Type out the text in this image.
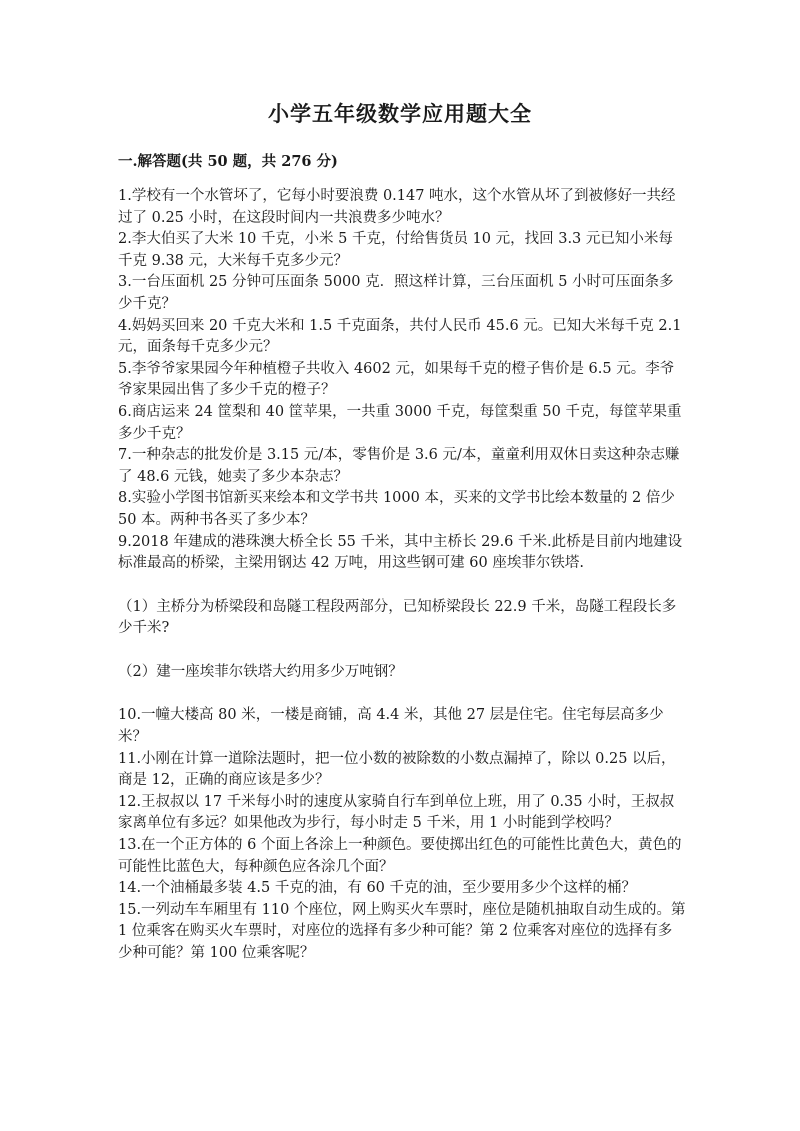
小学五年级数学应用题大全
一.解答题(共 50 题，共 276 分)

1.学校有一个水管坏了，它每小时要浪费 0.147 吨水，这个水管从坏了到被修好一共经过了 0.25 小时，在这段时间内一共浪费多少吨水？

2.李大伯买了大米 10 千克，小米 5 千克，付给售货员 10 元，找回 3.3 元已知小米每千克 9.38 元，大米每千克多少元？

3.一台压面机 25 分钟可压面条 5000 克．照这样计算，三台压面机 5 小时可压面条多少千克？

4.妈妈买回来 20 千克大米和 1.5 千克面条，共付人民币 45.6 元。已知大米每千克 2.1 元，面条每千克多少元？

5.李爷爷家果园今年种植橙子共收入 4602 元，如果每千克的橙子售价是 6.5 元。李爷爷家果园出售了多少千克的橙子？

6.商店运来 24 筐梨和 40 筐苹果，一共重 3000 千克，每筐梨重 50 千克，每筐苹果重多少千克？

7.一种杂志的批发价是 3.15 元/本，零售价是 3.6 元/本，童童利用双休日卖这种杂志赚了 48.6 元钱，她卖了多少本杂志？

8.实验小学图书馆新买来绘本和文学书共 1000 本，买来的文学书比绘本数量的 2 倍少 50 本。两种书各买了多少本？

9.2018 年建成的港珠澳大桥全长 55 千米，其中主桥长 29.6 千米.此桥是目前内地建设标准最高的桥梁，主梁用钢达 42 万吨，用这些钢可建 60 座埃菲尔铁塔.

（1）主桥分为桥梁段和岛隧工程段两部分，已知桥梁段长 22.9 千米，岛隧工程段长多少千米?

（2）建一座埃菲尔铁塔大约用多少万吨钢？

10.一幢大楼高 80 米，一楼是商铺，高 4.4 米，其他 27 层是住宅。住宅每层高多少米？

11.小刚在计算一道除法题时，把一位小数的被除数的小数点漏掉了，除以 0.25 以后，商是 12，正确的商应该是多少？

12.王叔叔以 17 千米每小时的速度从家骑自行车到单位上班，用了 0.35 小时，王叔叔家离单位有多远？如果他改为步行，每小时走 5 千米，用 1 小时能到学校吗？

13.在一个正方体的 6 个面上各涂上一种颜色。要使掷出红色的可能性比黄色大，黄色的可能性比蓝色大，每种颜色应各涂几个面？

14.一个油桶最多装 4.5 千克的油，有 60 千克的油，至少要用多少个这样的桶？

15.一列动车车厢里有 110 个座位，网上购买火车票时，座位是随机抽取自动生成的。第 1 位乘客在购买火车票时，对座位的选择有多少种可能？第 2 位乘客对座位的选择有多少种可能？第 100 位乘客呢？
